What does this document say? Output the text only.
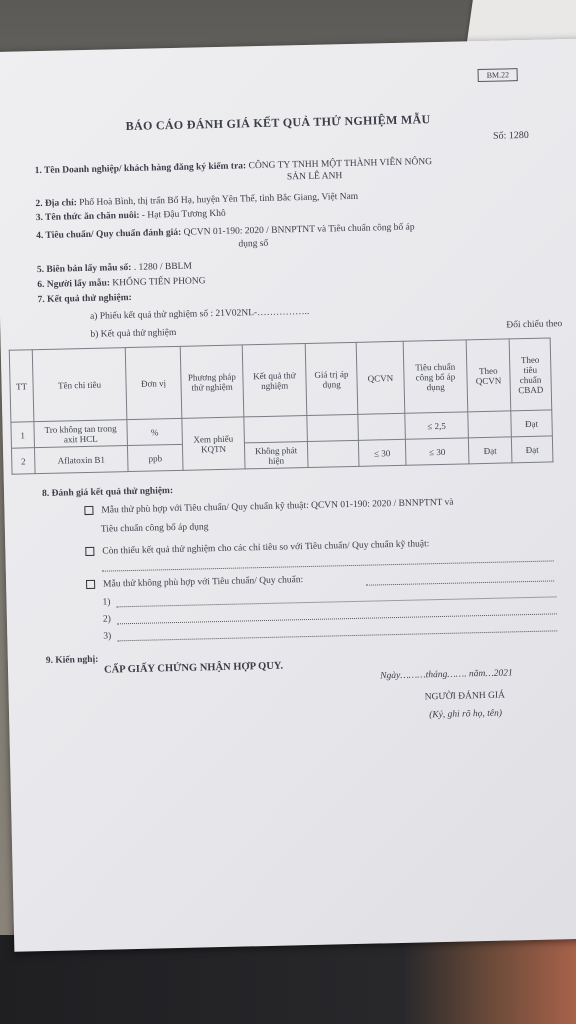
BM.22
BÁO CÁO ĐÁNH GIÁ KẾT QUẢ THỬ NGHIỆM MẪU
Số: 1280
1. Tên Doanh nghiệp/ khách hàng đăng ký kiểm tra: CÔNG TY TNHH MỘT THÀNH VIÊN NÔNG
SẢN LÊ ANH
2. Địa chỉ: Phố Hoà Bình, thị trấn Bố Hạ, huyện Yên Thế, tỉnh Bắc Giang, Việt Nam
3. Tên thức ăn chăn nuôi: - Hạt Đậu Tương Khô
4. Tiêu chuẩn/ Quy chuẩn đánh giá: QCVN 01-190: 2020 / BNNPTNT và Tiêu chuẩn công bố áp
dụng số
5. Biên bản lấy mẫu số: . 1280 / BBLM
6. Người lấy mẫu: KHỔNG TIẾN PHONG
7. Kết quả thử nghiệm:
a) Phiếu kết quả thử nghiệm số : 21V02NL-……………..
b) Kết quả thử nghiệm
Đối chiếu theo
TT	Tên chỉ tiêu	Đơn vị	Phương pháp thử nghiệm	Kết quả thử nghiệm	Giá trị áp dụng	QCVN	Tiêu chuẩn công bố áp dụng	Theo QCVN	Theo tiêu chuẩn CBAD
1	Tro không tan trong axit HCL	%	Xem phiếu KQTN				≤ 2,5		Đạt
2	Aflatoxin B1	ppb		Không phát hiện		≤ 30	≤ 30	Đạt	Đạt
8. Đánh giá kết quả thử nghiệm:
Mẫu thử phù hợp với Tiêu chuẩn/ Quy chuẩn kỹ thuật: QCVN 01-190: 2020 / BNNPTNT và
Tiêu chuẩn công bố áp dụng
Còn thiếu kết quả thử nghiệm cho các chỉ tiêu so với Tiêu chuẩn/ Quy chuẩn kỹ thuật:
Mẫu thử không phù hợp với Tiêu chuẩn/ Quy chuẩn:
1)
2)
3)
9. Kiến nghị:
CẤP GIẤY CHỨNG NHẬN HỢP QUY.	Ngày………tháng……. năm…2021
NGƯỜI ĐÁNH GIÁ
(Ký, ghi rõ họ, tên)
